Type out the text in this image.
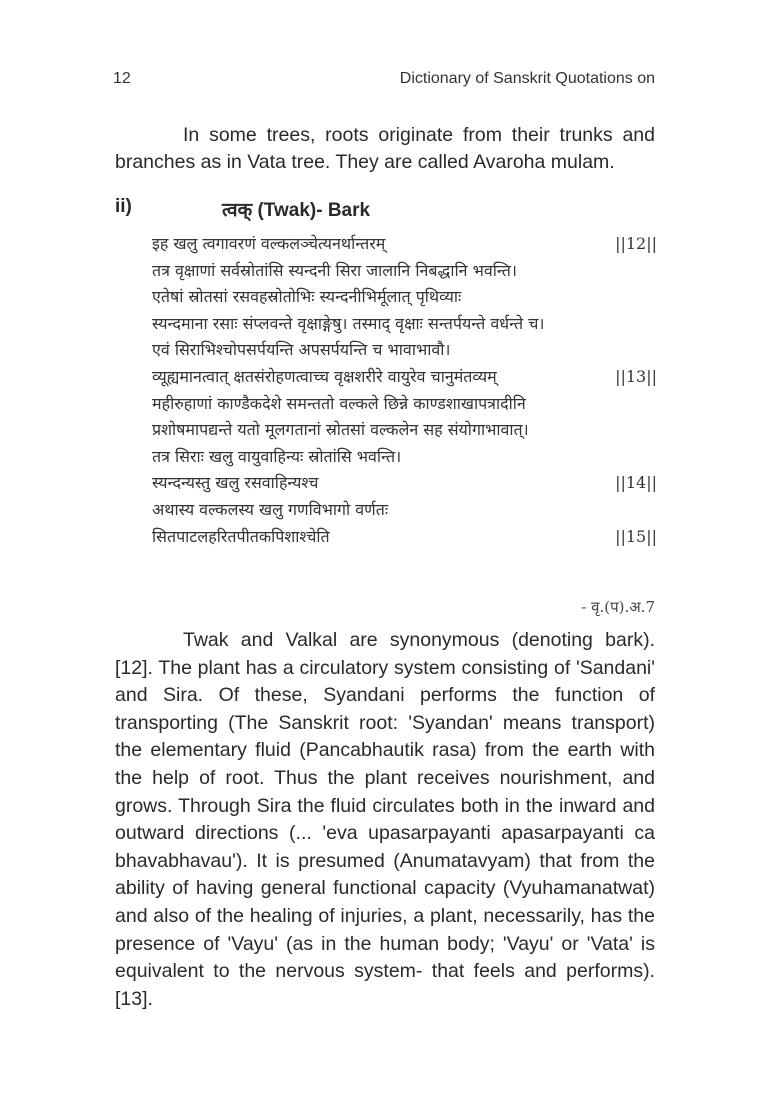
12	Dictionary of Sanskrit Quotations on
In some trees, roots originate from their trunks and branches as in Vata tree. They are called Avaroha mulam.
ii)	त्वक् (Twak)- Bark
इह खलु त्वगावरणं वल्कलञ्चेत्यनर्थान्तरम्	||12||
तत्र वृक्षाणां सर्वस्रोतांसि स्यन्दनी सिरा जालानि निबद्धानि भवन्ति।
एतेषां स्रोतसां रसवहस्रोतोभिः स्यन्दनीभिर्मूलात् पृथिव्याः
स्यन्दमाना रसाः संप्लवन्ते वृक्षाङ्गेषु। तस्माद् वृक्षाः सन्तर्पयन्ते वर्धन्ते च।
एवं सिराभिश्चोपसर्पयन्ति अपसर्पयन्ति च भावाभावौ।
व्यूह्यमानत्वात् क्षतसंरोहणत्वाच्च वृक्षशरीरे वायुरेव चानुमंतव्यम्	||13||
महीरुहाणां काण्डैकदेशे समन्ततो वल्कले छिन्ने काण्डशाखापत्रादीनि
प्रशोषमापद्यन्ते यतो मूलगतानां स्रोतसां वल्कलेन सह संयोगाभावात्।
तत्र सिराः खलु वायुवाहिन्यः स्रोतांसि भवन्ति।
स्यन्दन्यस्तु खलु रसवाहिन्यश्च	||14||
अथास्य वल्कलस्य खलु गणविभागो वर्णतः
सितपाटलहरितपीतकपिशाश्चेति	||15||
- वृ.(प).अ.7
Twak and Valkal are synonymous (denoting bark). [12]. The plant has a circulatory system consisting of 'Sandani' and Sira. Of these, Syandani performs the function of transporting (The Sanskrit root: 'Syandan' means transport) the elementary fluid (Pancabhautik rasa) from the earth with the help of root. Thus the plant receives nourishment, and grows. Through Sira the fluid circulates both in the inward and outward directions (... 'eva upasarpayanti apasarpayanti ca bhavabhavau'). It is presumed (Anumatavyam) that from the ability of having general functional capacity (Vyuhamanatwat) and also of the healing of injuries, a plant, necessarily, has the presence of 'Vayu' (as in the human body; 'Vayu' or 'Vata' is equivalent to the nervous system- that feels and performs). [13].
